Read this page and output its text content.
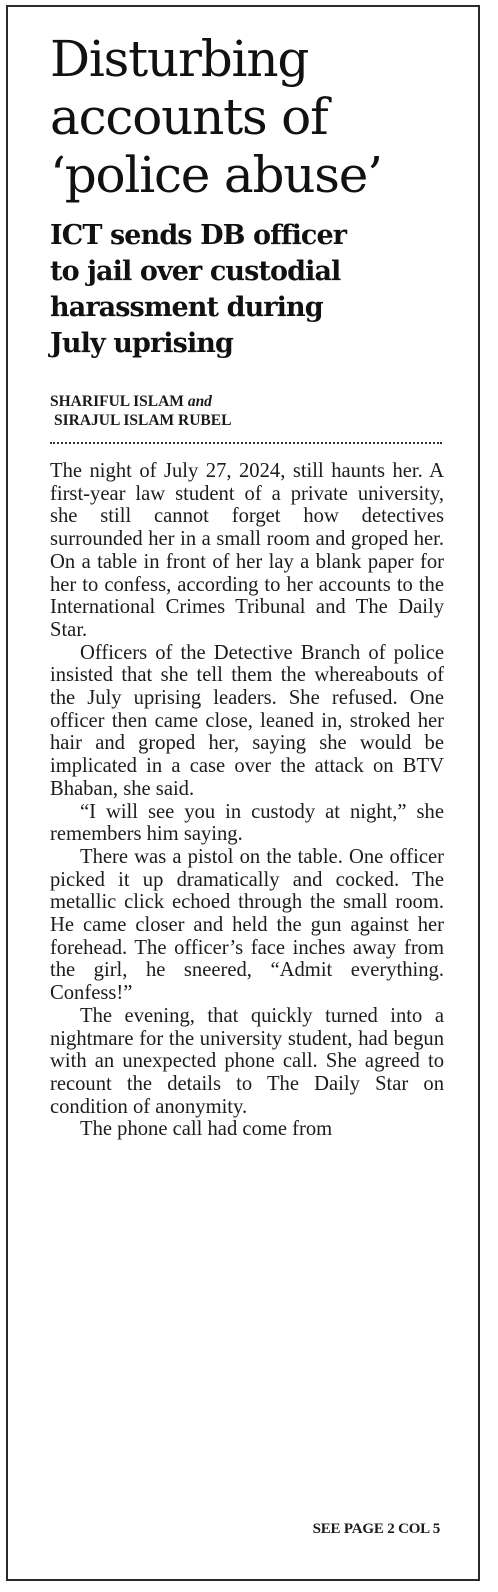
Disturbing
accounts of
‘police abuse’
ICT sends DB officer
to jail over custodial
harassment during
July uprising
SHARIFUL ISLAM and
SIRAJUL ISLAM RUBEL

The night of July 27, 2024, still haunts her. A first-year law student of a private university, she still cannot forget how detectives surrounded her in a small room and groped her. On a table in front of her lay a blank paper for her to confess, according to her accounts to the International Crimes Tribunal and The Daily Star.

Officers of the Detective Branch of police insisted that she tell them the whereabouts of the July uprising leaders. She refused. One officer then came close, leaned in, stroked her hair and groped her, saying she would be implicated in a case over the attack on BTV Bhaban, she said.

“I will see you in custody at night,” she remembers him saying.

There was a pistol on the table. One officer picked it up dramatically and cocked. The metallic click echoed through the small room. He came closer and held the gun against her forehead. The officer’s face inches away from the girl, he sneered, “Admit everything. Confess!”

The evening, that quickly turned into a nightmare for the university student, had begun with an unexpected phone call. She agreed to recount the details to The Daily Star on condition of anonymity.

The phone call had come from

SEE PAGE 2 COL 5
